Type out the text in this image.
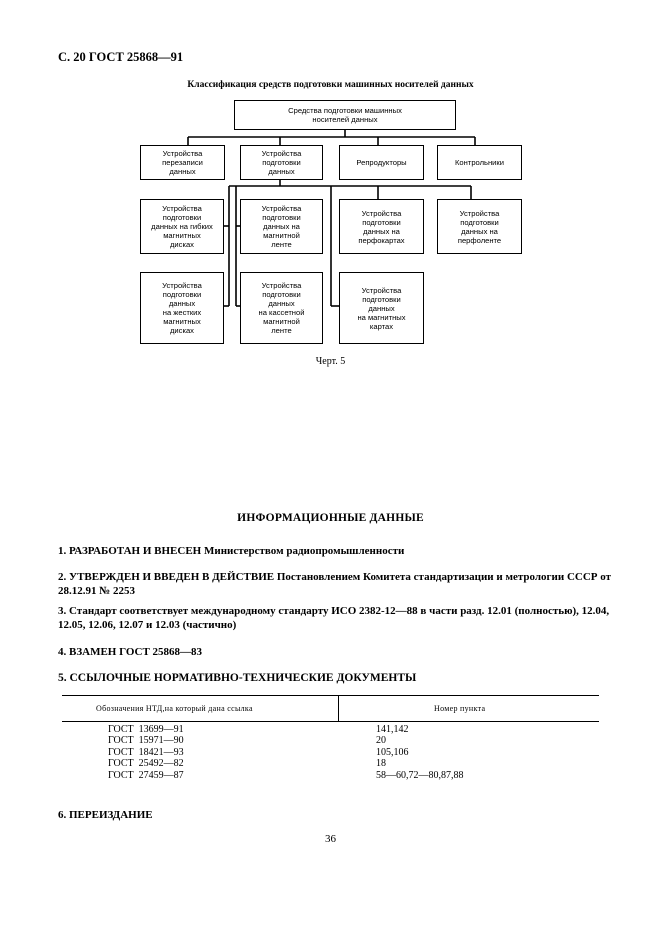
С. 20 ГОСТ 25868—91
Классификация средств подготовки машинных носителей данных
Средства подготовки машинных
носителей данных
Устройства
перезаписи
данных
Устройства
подготовки
данных
Репродукторы	Контрольники
Устройства
подготовки
данных на гибких
магнитных
дисках
Устройства
подготовки
данных на
магнитной
ленте
Устройства
подготовки
данных на
перфокартах
Устройства
подготовки
данных на
перфоленте
Устройства
подготовки
данных
на жестких
магнитных
дисках
Устройства
подготовки
данных
на кассетной
магнитной
ленте
Устройства
подготовки
данных
на магнитных
картах
Черт. 5
ИНФОРМАЦИОННЫЕ ДАННЫЕ
1. РАЗРАБОТАН И ВНЕСЕН Министерством радиопромышленности
2. УТВЕРЖДЕН И ВВЕДЕН В ДЕЙСТВИЕ Постановлением Комитета стандартизации и метрологии СССР от 28.12.91 № 2253
3. Стандарт соответствует международному стандарту ИСО 2382-12—88 в части разд. 12.01 (полностью), 12.04, 12.05, 12.06, 12.07 и 12.03 (частично)
4. ВЗАМЕН ГОСТ 25868—83
5. ССЫЛОЧНЫЕ НОРМАТИВНО-ТЕХНИЧЕСКИЕ ДОКУМЕНТЫ
Обозначения НТД,на который дана ссылка	Номер пункта
ГОСТ  13699—91
ГОСТ  15971—90
ГОСТ  18421—93
ГОСТ  25492—82
ГОСТ  27459—87
141,142
20
105,106
18
58—60,72—80,87,88
6. ПЕРЕИЗДАНИЕ
36
